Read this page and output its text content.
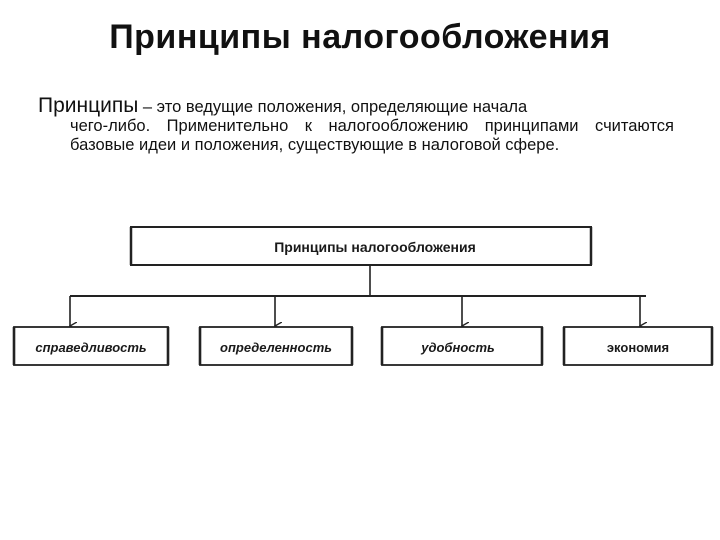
Принципы налогообложения
Принципы – это ведущие положения, определяющие начала
чего-либо. Применительно к налогообложению принципами считаются базовые идеи и положения, существующие в налоговой сфере.
Принципы налогообложения
справедливость	определенность	удобность	экономия
